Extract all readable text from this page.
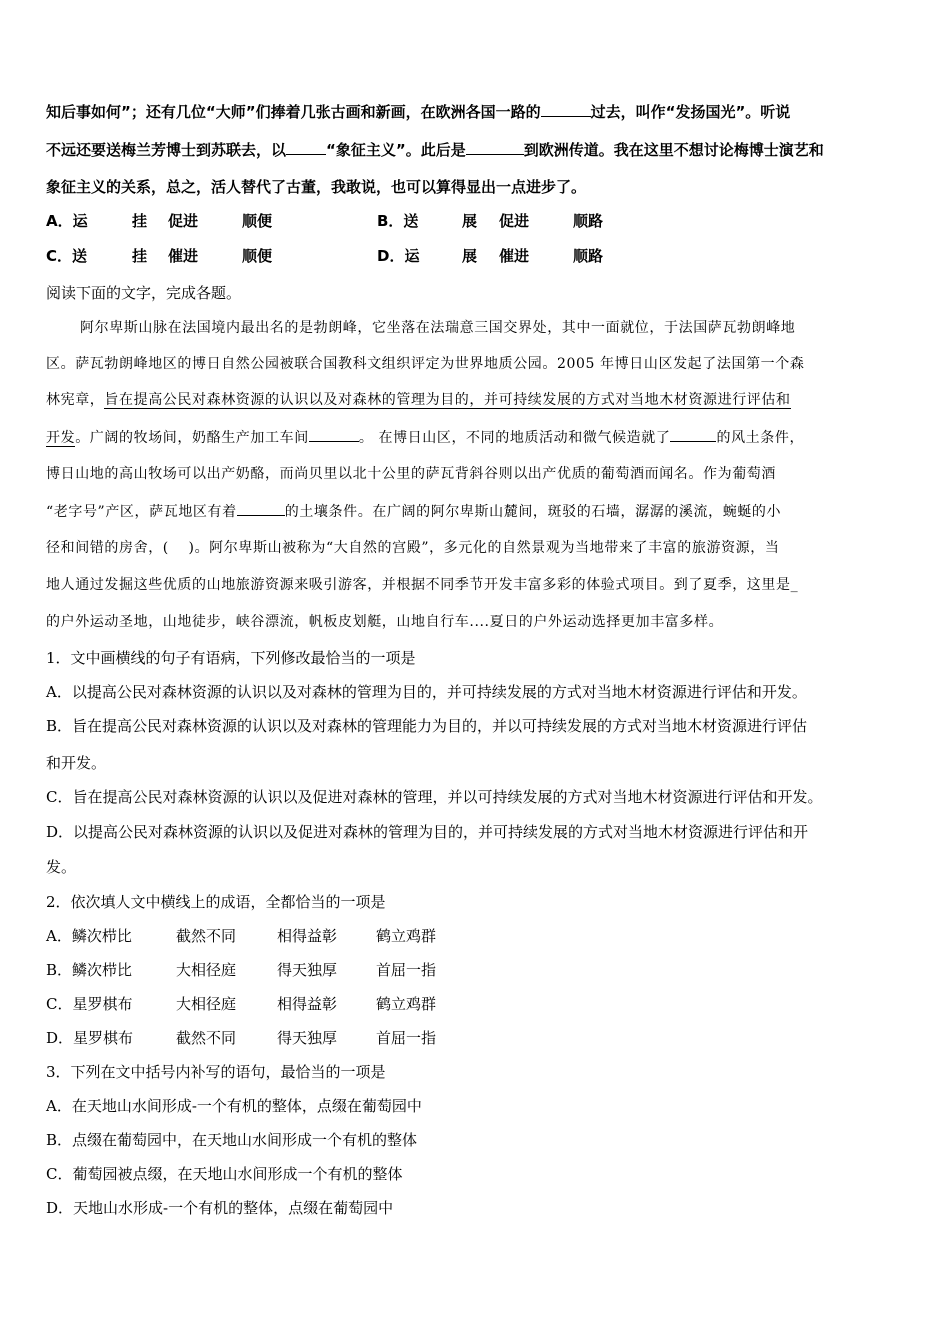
知后事如何”；还有几位“大师”们捧着几张古画和新画，在欧洲各国一路的	过去，叫作“发扬国光”。听说
不远还要送梅兰芳博士到苏联去，以	“象征主义”。此后是	到欧洲传道。我在这里不想讨论梅博士演艺和
象征主义的关系，总之，活人替代了古董，我敢说，也可以算得显出一点进步了。
A．运	挂 促进	顺便	B．送	展 促进	顺路
C．送	挂 催进	顺便	D．运	展 催进	顺路
阅读下面的文字，完成各题。
阿尔卑斯山脉在法国境内最出名的是勃朗峰，它坐落在法瑞意三国交界处，其中一面就位，于法国萨瓦勃朗峰地
区。萨瓦勃朗峰地区的博日自然公园被联合国教科文组织评定为世界地质公园。2005 年博日山区发起了法国第一个森
林宪章，旨在提高公民对森林资源的认识以及对森林的管理为目的，并可持续发展的方式对当地木材资源进行评估和
开发。广阔的牧场间，奶酪生产加工车间	。 在博日山区，不同的地质活动和微气候造就了	的风土条件，
博日山地的高山牧场可以出产奶酪，而尚贝里以北十公里的萨瓦背斜谷则以出产优质的葡萄酒而闻名。作为葡萄酒
“老字号”产区，萨瓦地区有着	的土壤条件。在广阔的阿尔卑斯山麓间，斑驳的石墙，潺潺的溪流，蜿蜒的小
径和间错的房舍，(　 )。阿尔卑斯山被称为“大自然的宫殿”，多元化的自然景观为当地带来了丰富的旅游资源，当
地人通过发掘这些优质的山地旅游资源来吸引游客，并根据不同季节开发丰富多彩的体验式项目。到了夏季，这里是_
的户外运动圣地，山地徒步，峡谷漂流，帆板皮划艇，山地自行车....夏日的户外运动选择更加丰富多样。
1．文中画横线的句子有语病，下列修改最恰当的一项是
A．以提高公民对森林资源的认识以及对森林的管理为目的，并可持续发展的方式对当地木材资源进行评估和开发。
B．旨在提高公民对森林资源的认识以及对森林的管理能力为目的，并以可持续发展的方式对当地木材资源进行评估
和开发。
C．旨在提高公民对森林资源的认识以及促进对森林的管理，并以可持续发展的方式对当地木材资源进行评估和开发。
D．以提高公民对森林资源的认识以及促进对森林的管理为目的，并可持续发展的方式对当地木材资源进行评估和开
发。
2．依次填人文中横线上的成语，全都恰当的一项是
A．鳞次栉比	截然不同	相得益彰	鹤立鸡群
B．鳞次栉比	大相径庭	得天独厚	首屈一指
C．星罗棋布	大相径庭	相得益彰	鹤立鸡群
D．星罗棋布	截然不同	得天独厚	首屈一指
3．下列在文中括号内补写的语句，最恰当的一项是
A．在天地山水间形成-一个有机的整体，点缀在葡萄园中
B．点缀在葡萄园中，在天地山水间形成一个有机的整体
C．葡萄园被点缀，在天地山水间形成一个有机的整体
D．天地山水形成-一个有机的整体，点缀在葡萄园中
